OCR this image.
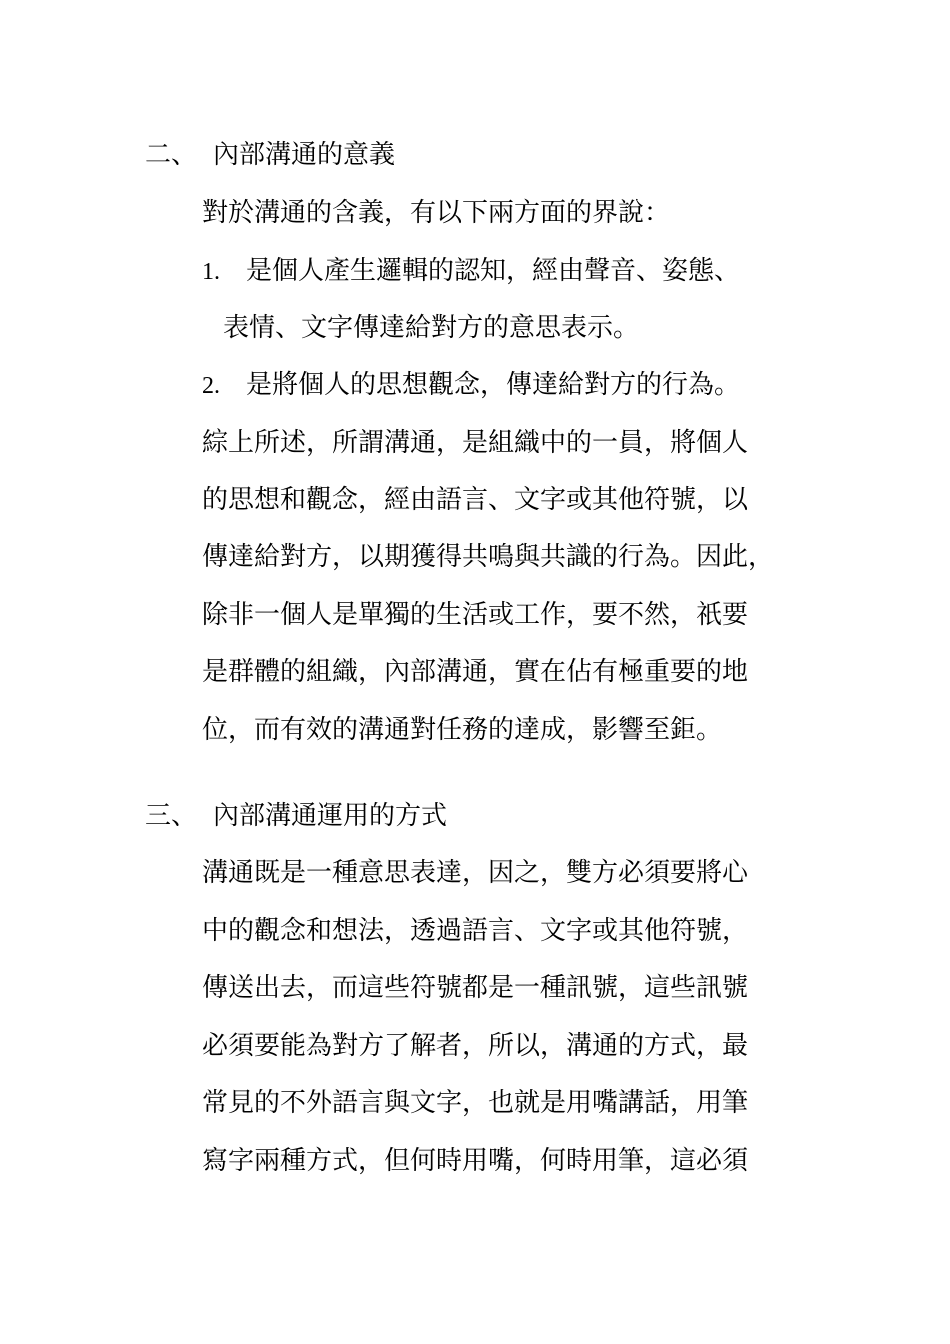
二、 內部溝通的意義
對於溝通的含義，有以下兩方面的界說：
1. 是個人產生邏輯的認知，經由聲音、姿態、
表情、文字傳達給對方的意思表示。
2. 是將個人的思想觀念，傳達給對方的行為。
綜上所述，所謂溝通，是組織中的一員，將個人
的思想和觀念，經由語言、文字或其他符號，以
傳達給對方，以期獲得共鳴與共識的行為。因此，
除非一個人是單獨的生活或工作，要不然，祇要
是群體的組織，內部溝通，實在佔有極重要的地
位，而有效的溝通對任務的達成，影響至鉅。
三、 內部溝通運用的方式
溝通既是一種意思表達，因之，雙方必須要將心
中的觀念和想法，透過語言、文字或其他符號，
傳送出去，而這些符號都是一種訊號，這些訊號
必須要能為對方了解者，所以，溝通的方式，最
常見的不外語言與文字，也就是用嘴講話，用筆
寫字兩種方式，但何時用嘴，何時用筆，這必須
